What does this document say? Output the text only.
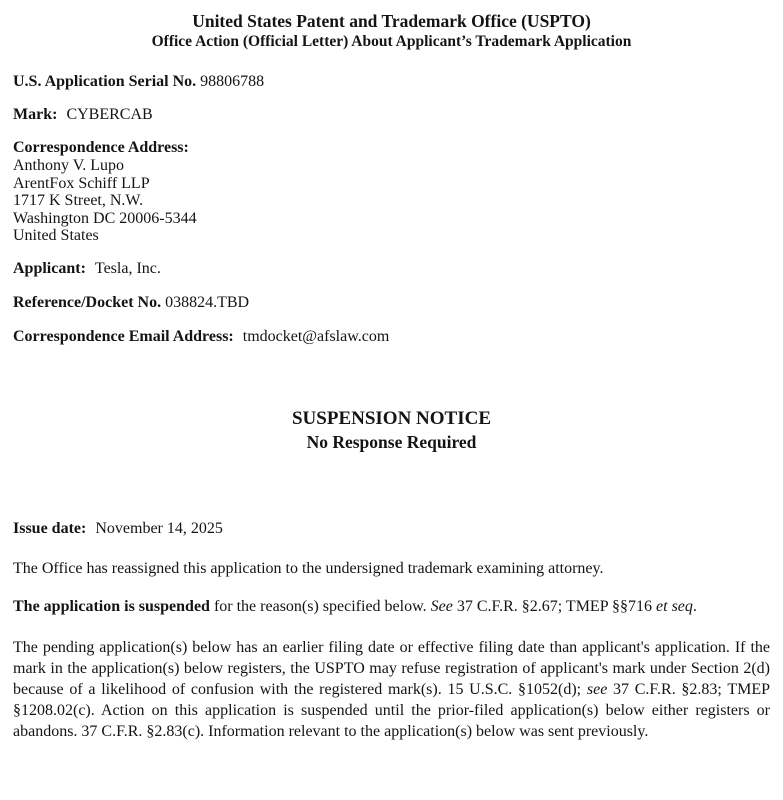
United States Patent and Trademark Office (USPTO)
Office Action (Official Letter) About Applicant’s Trademark Application
U.S. Application Serial No. 98806788
Mark: CYBERCAB
Correspondence Address:
Anthony V. Lupo
ArentFox Schiff LLP
1717 K Street, N.W.
Washington DC 20006-5344
United States
Applicant: Tesla, Inc.
Reference/Docket No. 038824.TBD
Correspondence Email Address: tmdocket@afslaw.com
SUSPENSION NOTICE
No Response Required
Issue date: November 14, 2025

The Office has reassigned this application to the undersigned trademark examining attorney.

The application is suspended for the reason(s) specified below. See 37 C.F.R. §2.67; TMEP §§716 et seq.

The pending application(s) below has an earlier filing date or effective filing date than applicant's application. If the mark in the application(s) below registers, the USPTO may refuse registration of applicant's mark under Section 2(d) because of a likelihood of confusion with the registered mark(s). 15 U.S.C. §1052(d); see 37 C.F.R. §2.83; TMEP §1208.02(c). Action on this application is suspended until the prior-filed application(s) below either registers or abandons. 37 C.F.R. §2.83(c). Information relevant to the application(s) below was sent previously.
